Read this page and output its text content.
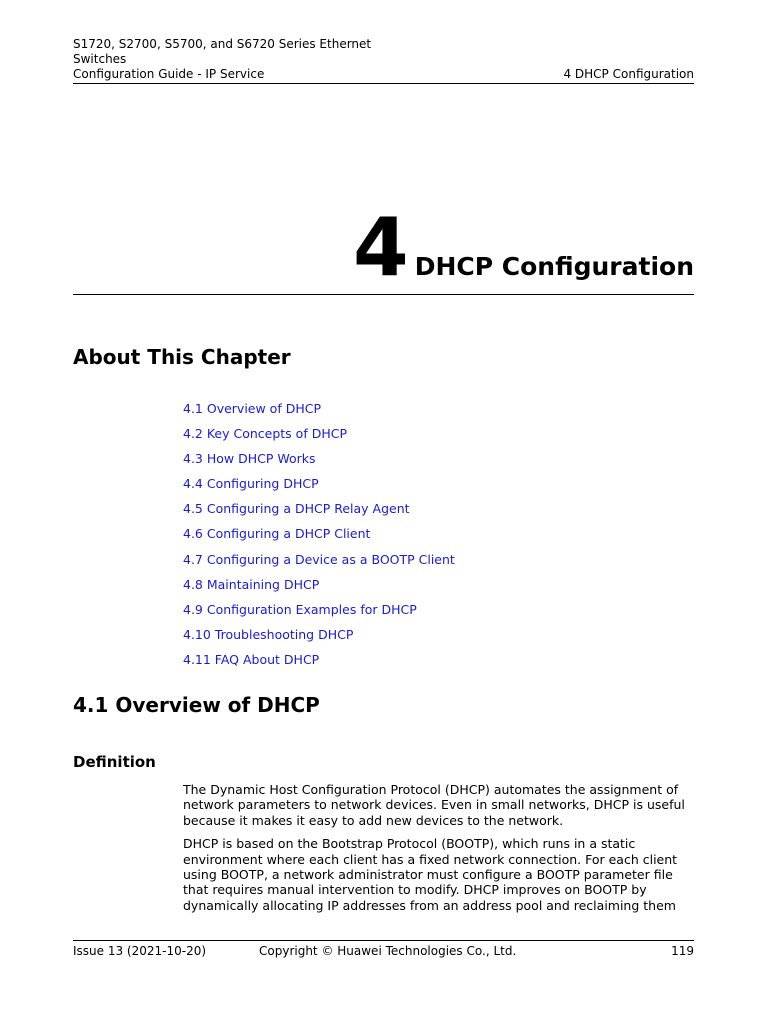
S1720, S2700, S5700, and S6720 Series Ethernet
Switches
Configuration Guide - IP Service	4 DHCP Configuration
4 DHCP Configuration
About This Chapter
4.1 Overview of DHCP
4.2 Key Concepts of DHCP
4.3 How DHCP Works
4.4 Configuring DHCP
4.5 Configuring a DHCP Relay Agent
4.6 Configuring a DHCP Client
4.7 Configuring a Device as a BOOTP Client
4.8 Maintaining DHCP
4.9 Configuration Examples for DHCP
4.10 Troubleshooting DHCP
4.11 FAQ About DHCP
4.1 Overview of DHCP
Definition

The Dynamic Host Configuration Protocol (DHCP) automates the assignment of
network parameters to network devices. Even in small networks, DHCP is useful
because it makes it easy to add new devices to the network.

DHCP is based on the Bootstrap Protocol (BOOTP), which runs in a static
environment where each client has a fixed network connection. For each client
using BOOTP, a network administrator must configure a BOOTP parameter file
that requires manual intervention to modify. DHCP improves on BOOTP by
dynamically allocating IP addresses from an address pool and reclaiming them

Issue 13 (2021-10-20)	Copyright © Huawei Technologies Co., Ltd.	119
